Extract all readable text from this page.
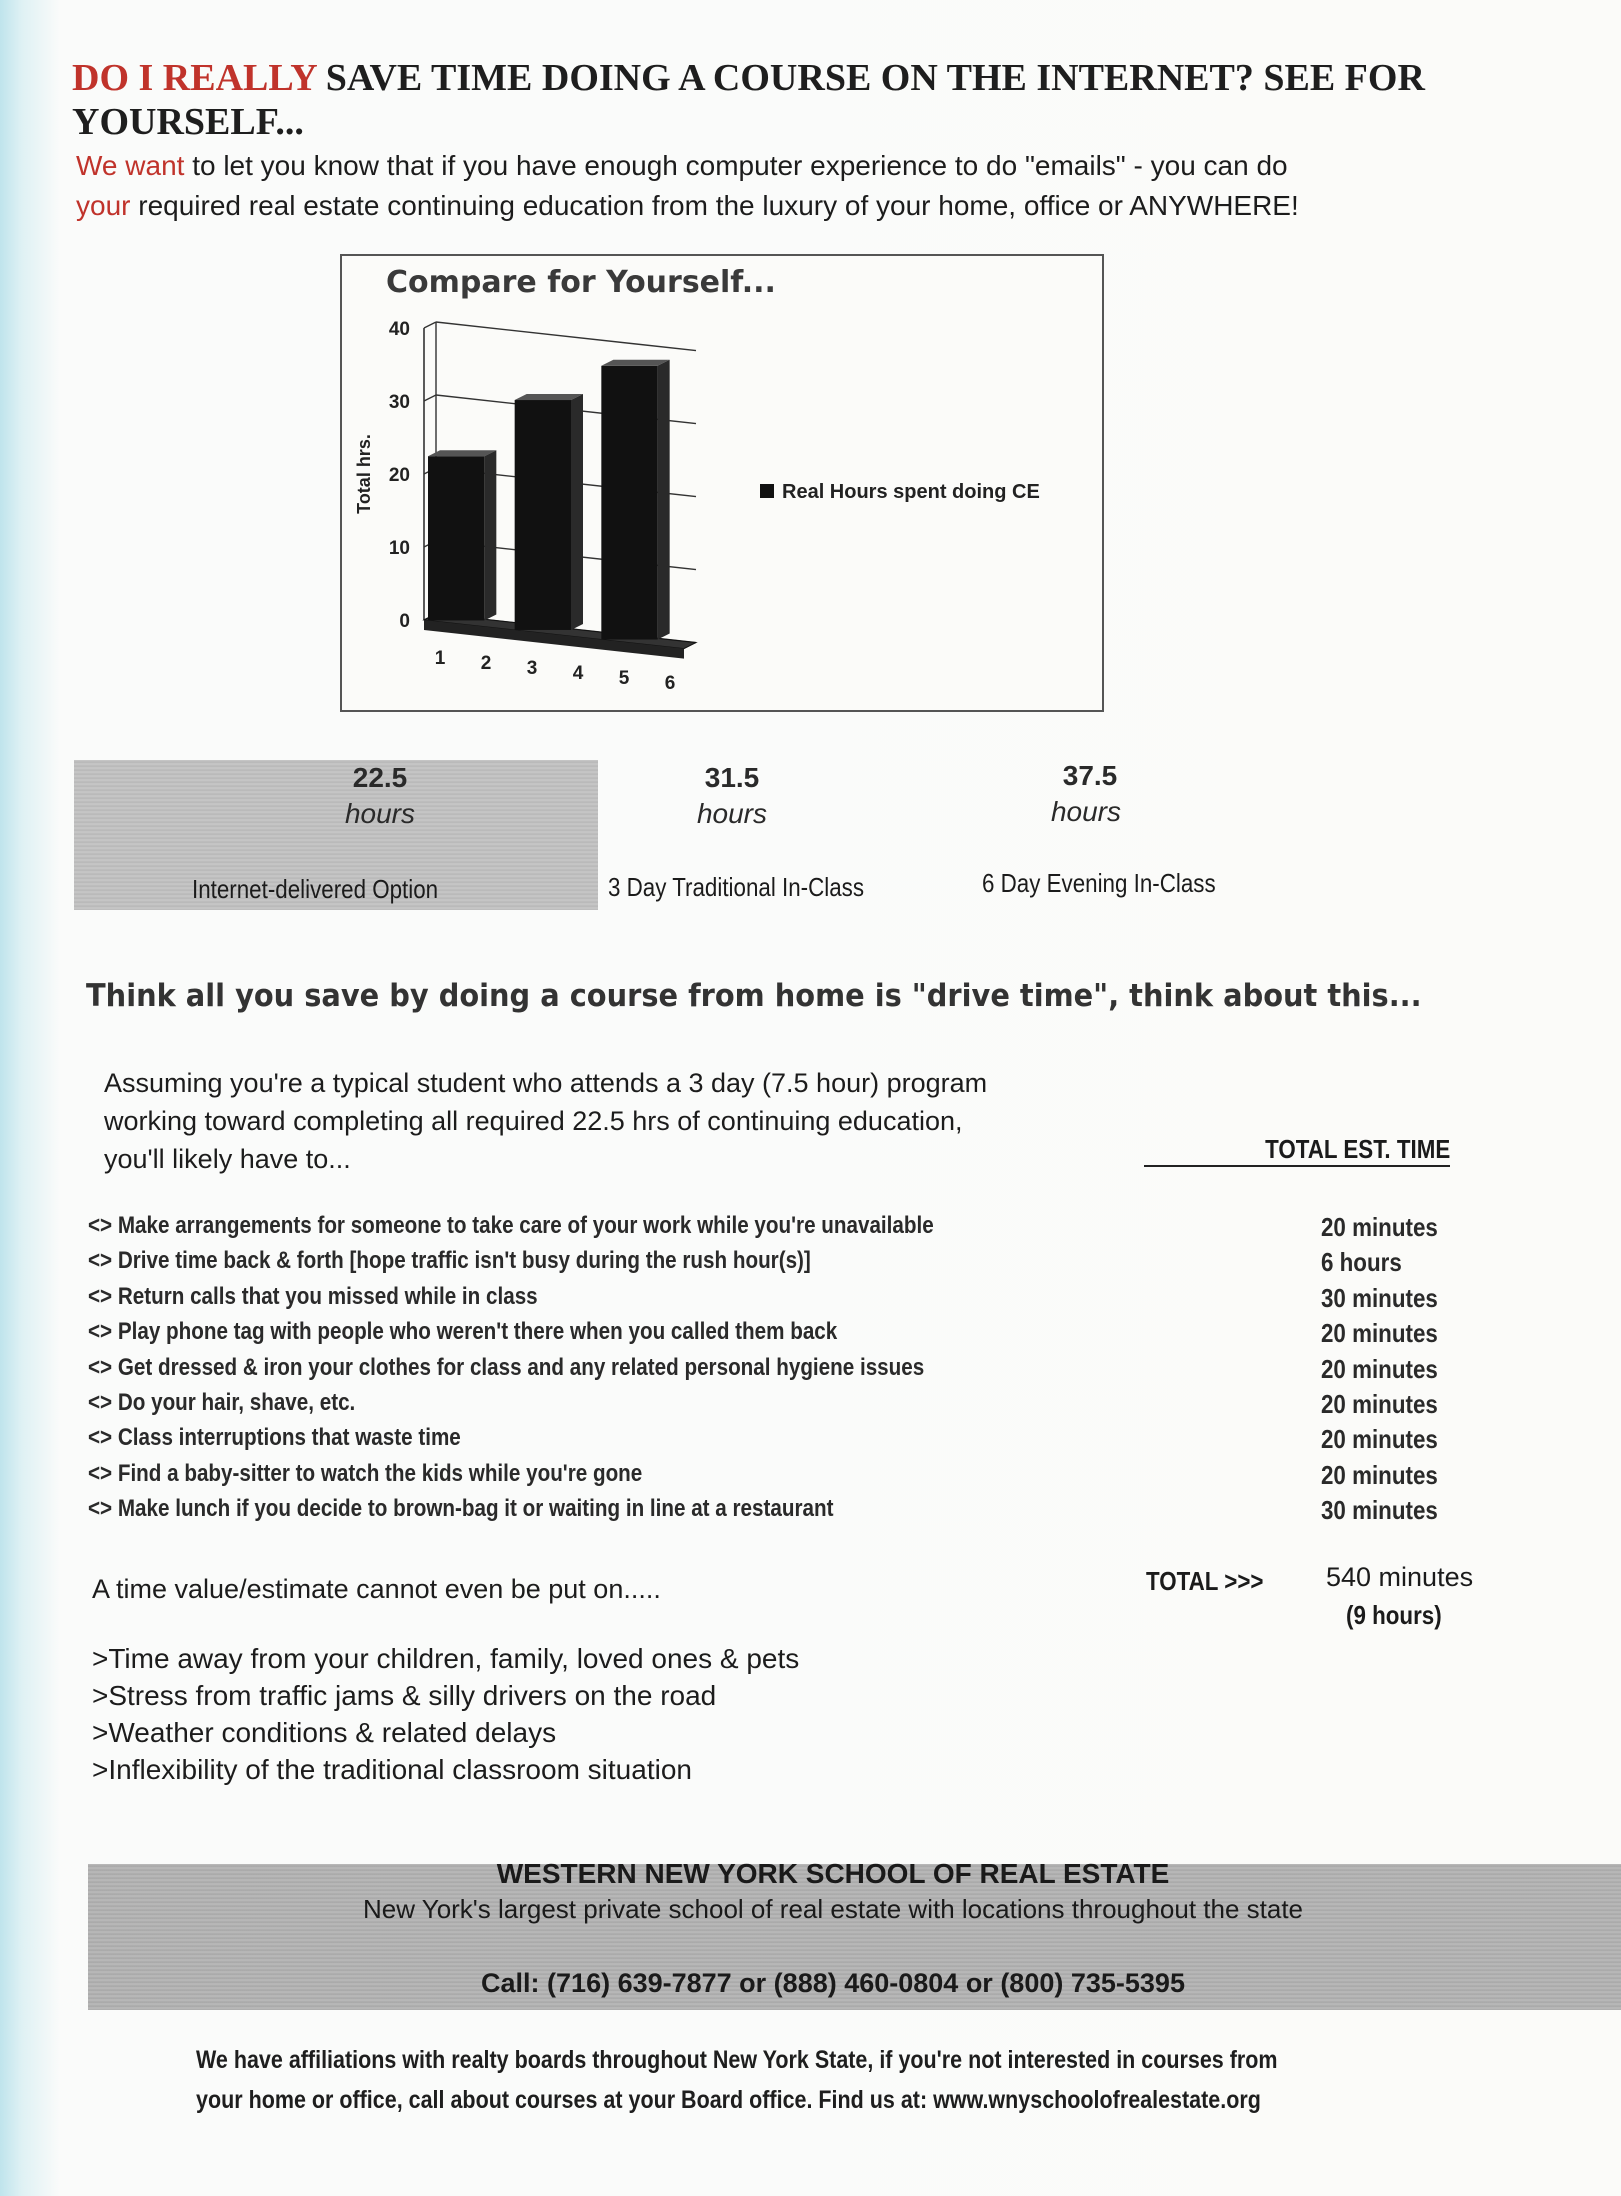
DO I REALLY SAVE TIME DOING A COURSE ON THE INTERNET? SEE FOR YOURSELF...
We want to let you know that if you have enough computer experience to do "emails" - you can do
your required real estate continuing education from the luxury of your home, office or ANYWHERE!
Compare for Yourself...
Total hrs.
0
10
20
30
40
1 2 3 4 5 6
Real Hours spent doing CE
22.5
hours
Internet-delivered Option
31.5
hours
3 Day Traditional In-Class
37.5
hours
6 Day Evening In-Class
Think all you save by doing a course from home is "drive time", think about this...
Assuming you're a typical student who attends a 3 day (7.5 hour) program
working toward completing all required 22.5 hrs of continuing education,
you'll likely have to...	TOTAL EST. TIME
<> Make arrangements for someone to take care of your work while you're unavailable	20 minutes
<> Drive time back & forth [hope traffic isn't busy during the rush hour(s)]	6 hours
<> Return calls that you missed while in class	30 minutes
<> Play phone tag with people who weren't there when you called them back	20 minutes
<> Get dressed & iron your clothes for class and any related personal hygiene issues	20 minutes
<> Do your hair, shave, etc.	20 minutes
<> Class interruptions that waste time	20 minutes
<> Find a baby-sitter to watch the kids while you're gone	20 minutes
<> Make lunch if you decide to brown-bag it or waiting in line at a restaurant	30 minutes
A time value/estimate cannot even be put on.....	TOTAL >>> 540 minutes
(9 hours)
>Time away from your children, family, loved ones & pets
>Stress from traffic jams & silly drivers on the road
>Weather conditions & related delays
>Inflexibility of the traditional classroom situation
WESTERN NEW YORK SCHOOL OF REAL ESTATE
New York's largest private school of real estate with locations throughout the state
Call: (716) 639-7877 or (888) 460-0804 or (800) 735-5395
We have affiliations with realty boards throughout New York State, if you're not interested in courses from
your home or office, call about courses at your Board office. Find us at: www.wnyschoolofrealestate.org
